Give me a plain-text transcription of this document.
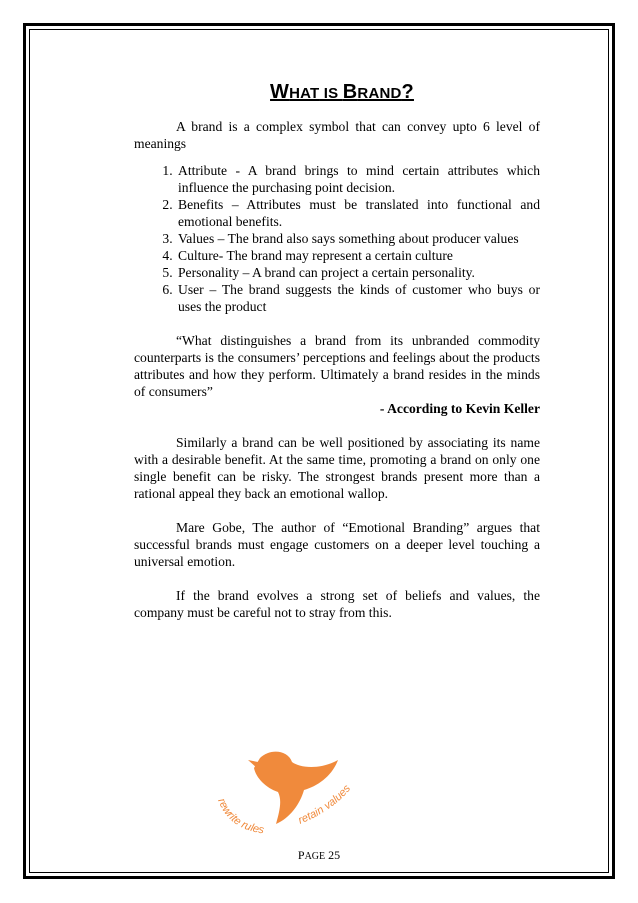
WHAT IS BRAND?

A brand is a complex symbol that can convey upto 6 level of meanings

1. Attribute - A brand brings to mind certain attributes which influence the purchasing point decision.
2. Benefits – Attributes must be translated into functional and emotional benefits.
3. Values – The brand also says something about producer values
4. Culture- The brand may represent a certain culture
5. Personality – A brand can project a certain personality.
6. User – The brand suggests the kinds of customer who buys or uses the product

“What distinguishes a brand from its unbranded commodity counterparts is the consumers’ perceptions and feelings about the products attributes and how they perform. Ultimately a brand resides in the minds of consumers”

- According to Kevin Keller

Similarly a brand can be well positioned by associating its name with a desirable benefit. At the same time, promoting a brand on only one single benefit can be risky. The strongest brands present more than a rational appeal they back an emotional wallop.

Mare Gobe, The author of “Emotional Branding” argues that successful brands must engage customers on a deeper level touching a universal emotion.

If the brand evolves a strong set of beliefs and values, the company must be careful not to stray from this.

rewrite rules
retain values
PAGE 25
